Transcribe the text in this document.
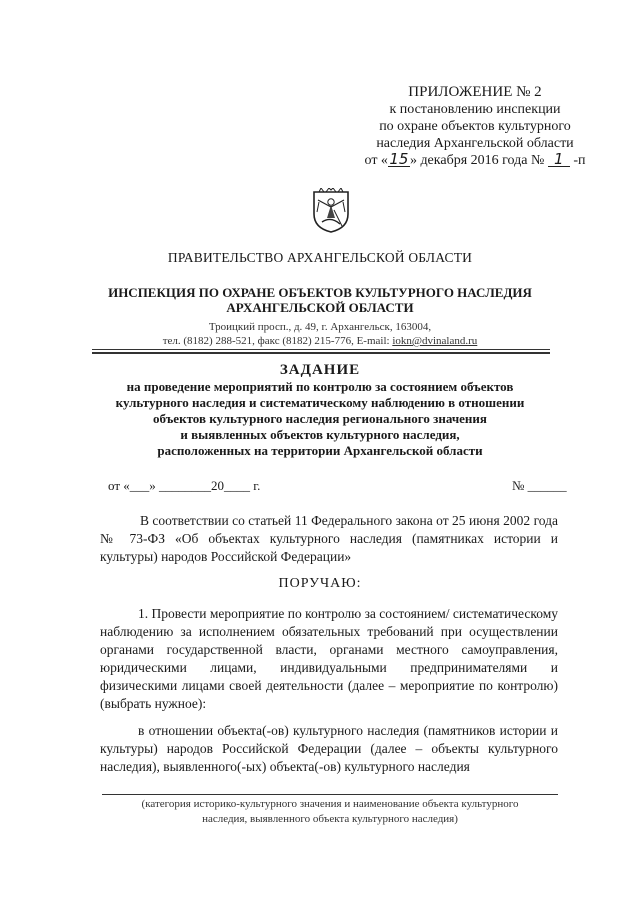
ПРИЛОЖЕНИЕ № 2
к постановлению инспекции
по охране объектов культурного
наследия Архангельской области
от «15» декабря 2016 года № 1 -п
ПРАВИТЕЛЬСТВО АРХАНГЕЛЬСКОЙ ОБЛАСТИ
ИНСПЕКЦИЯ ПО ОХРАНЕ ОБЪЕКТОВ КУЛЬТУРНОГО НАСЛЕДИЯ
АРХАНГЕЛЬСКОЙ ОБЛАСТИ
Троицкий просп., д. 49, г. Архангельск, 163004,
тел. (8182) 288-521, факс (8182) 215-776, E-mail: iokn@dvinaland.ru
ЗАДАНИЕ
на проведение мероприятий по контролю за состоянием объектов
культурного наследия и систематическому наблюдению в отношении
объектов культурного наследия регионального значения
и выявленных объектов культурного наследия,
расположенных на территории Архангельской области
от «___» ________20____ г.	№ ______
В соответствии со статьей 11 Федерального закона от 25 июня 2002 года № 73-ФЗ «Об объектах культурного наследия (памятниках истории и культуры) народов Российской Федерации»
ПОРУЧАЮ:
1. Провести мероприятие по контролю за состоянием/ систематическому наблюдению за исполнением обязательных требований при осуществлении органами государственной власти, органами местного самоуправления, юридическими лицами, индивидуальными предпринимателями и физическими лицами своей деятельности (далее – мероприятие по контролю) (выбрать нужное):
в отношении объекта(-ов) культурного наследия (памятников истории и культуры) народов Российской Федерации (далее – объекты культурного наследия), выявленного(-ых) объекта(-ов) культурного наследия
(категория историко-культурного значения и наименование объекта культурного
наследия, выявленного объекта культурного наследия)
